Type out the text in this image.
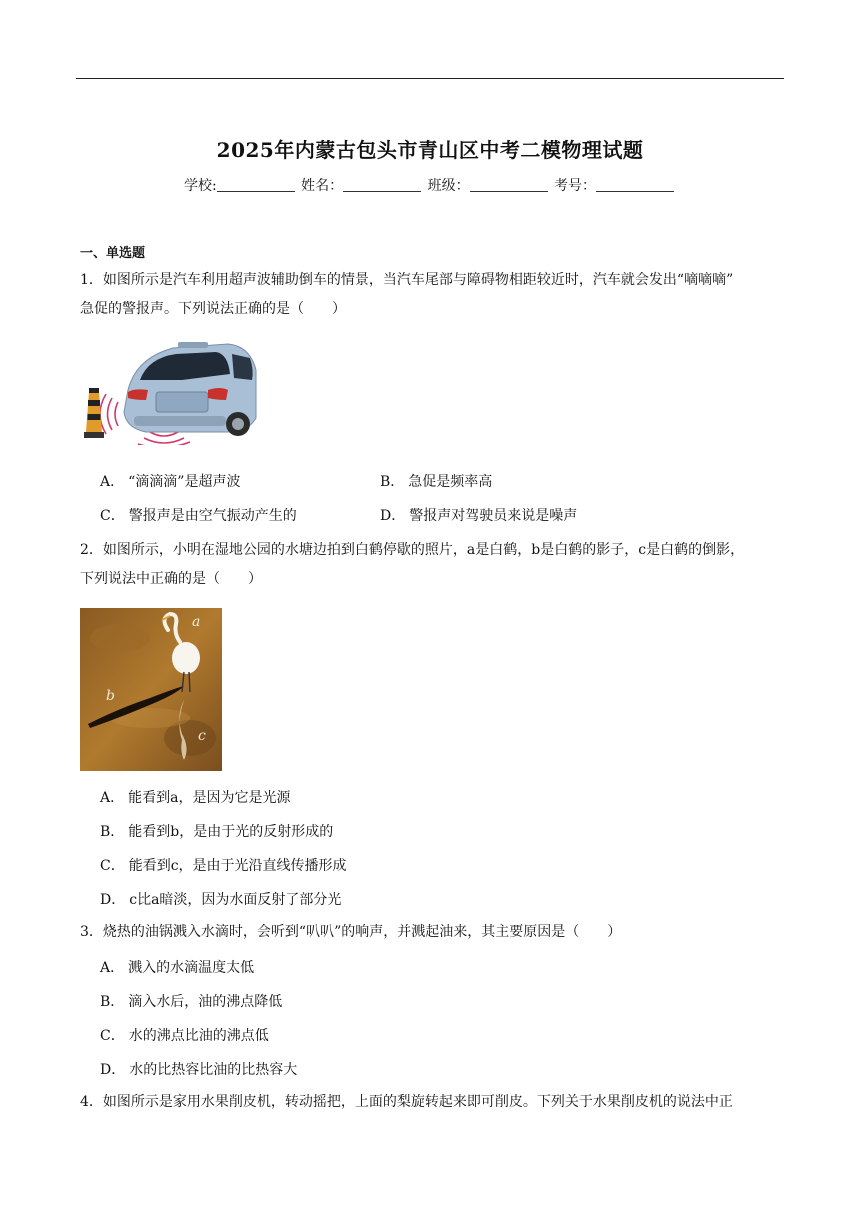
2025年内蒙古包头市青山区中考二模物理试题
学校:	姓名：	班级：	考号：
一、单选题
1．如图所示是汽车利用超声波辅助倒车的情景，当汽车尾部与障碍物相距较近时，汽车就会发出“嘀嘀嘀”
急促的警报声。下列说法正确的是（　　）
A． “滴滴滴”是超声波	B． 急促是频率高
C． 警报声是由空气振动产生的	D． 警报声对驾驶员来说是噪声
2．如图所示，小明在湿地公园的水塘边拍到白鹤停歇的照片，a是白鹤，b是白鹤的影子，c是白鹤的倒影，
下列说法中正确的是（　　）
a
b
c
A． 能看到a，是因为它是光源
B． 能看到b，是由于光的反射形成的
C． 能看到c，是由于光沿直线传播形成
D． c比a暗淡，因为水面反射了部分光
3．烧热的油锅溅入水滴时，会听到“叭叭”的响声，并溅起油来，其主要原因是（　　）
A． 溅入的水滴温度太低
B． 滴入水后，油的沸点降低
C． 水的沸点比油的沸点低
D． 水的比热容比油的比热容大
4．如图所示是家用水果削皮机，转动摇把，上面的梨旋转起来即可削皮。下列关于水果削皮机的说法中正
